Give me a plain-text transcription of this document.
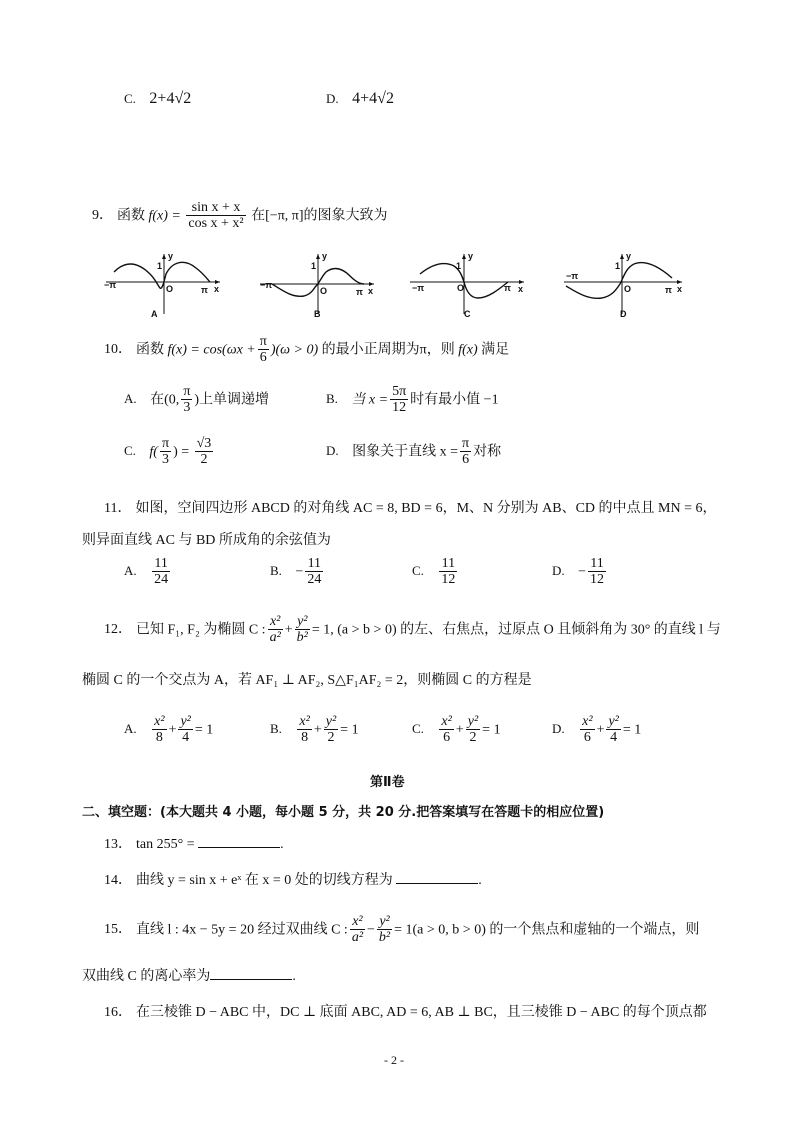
C. 2+4√2	D. 4+4√2
9． 函数 $f(x) = \frac{\text{sin x + x}}{\text{cos x + x²}}$ 在[−π, π]的图象大致为
−π	π
O
y
x
1
A
−π
π
O
y
x
1
B
−π	π
O
y
x
1
C
−π
π
O
y
x
1
D
10． 函数 $f(x) = \cos(\omega x + \frac{\pi}{6} )(\omega > 0)$ 的最小正周期为π，则 f(x) 满足
A. 在(0, $\frac{\pi}{3}$ )上单调递增	B. 当 $x = \frac{5\pi}{12}$ 时有最小值 −1
C. $f( \frac{\pi}{3}$ ) = $\frac{√3}{2}$	D. 图象关于直线 $x = \frac{\pi}{6}$ 对称
11． 如图，空间四边形 ABCD 的对角线 AC = 8, BD = 6，M、N 分别为 AB、CD 的中点且 MN = 6，
则异面直线 AC 与 BD 所成角的余弦值为
A. $\frac{11}{24}$	B. − $\frac{11}{24}$	C. $\frac{11}{12}$	D. − $\frac{11}{12}$
12． 已知 F₁, F₂ 为椭圆 C : $\frac{\text{x²}}{\text{a²}} + \frac{\text{y²}}{\text{b²}} = 1$, (a > b > 0) 的左、右焦点，过原点 O 且倾斜角为 30° 的直线 l 与
椭圆 C 的一个交点为 A，若 AF₁ ⊥ AF₂, S△F₁AF₂ = 2，则椭圆 C 的方程是
A. $\frac{\text{x²}}{8} + \frac{\text{y²}}{4} = 1$	B. $\frac{\text{x²}}{8} + \frac{\text{y²}}{2} = 1$	C. $\frac{\text{x²}}{6} + \frac{\text{y²}}{2} = 1$	D. $\frac{\text{x²}}{6} + \frac{\text{y²}}{4} = 1$
第Ⅱ卷
二、填空题：(本大题共 4 小题，每小题 5 分，共 20 分.把答案填写在答题卡的相应位置)
13． tan 255° =	.
14． 曲线 y = sin x + eˣ 在 x = 0 处的切线方程为	.
15． 直线 l : 4x − 5y = 20 经过双曲线 C : $\frac{\text{x²}}{\text{a²}} - \frac{\text{y²}}{\text{b²}} = 1(a > 0$, b > 0) 的一个焦点和虚轴的一个端点，则
双曲线 C 的离心率为	.
16． 在三棱锥 D − ABC 中，DC ⊥ 底面 ABC, AD = 6, AB ⊥ BC，且三棱锥 D − ABC 的每个顶点都
- 2 -
